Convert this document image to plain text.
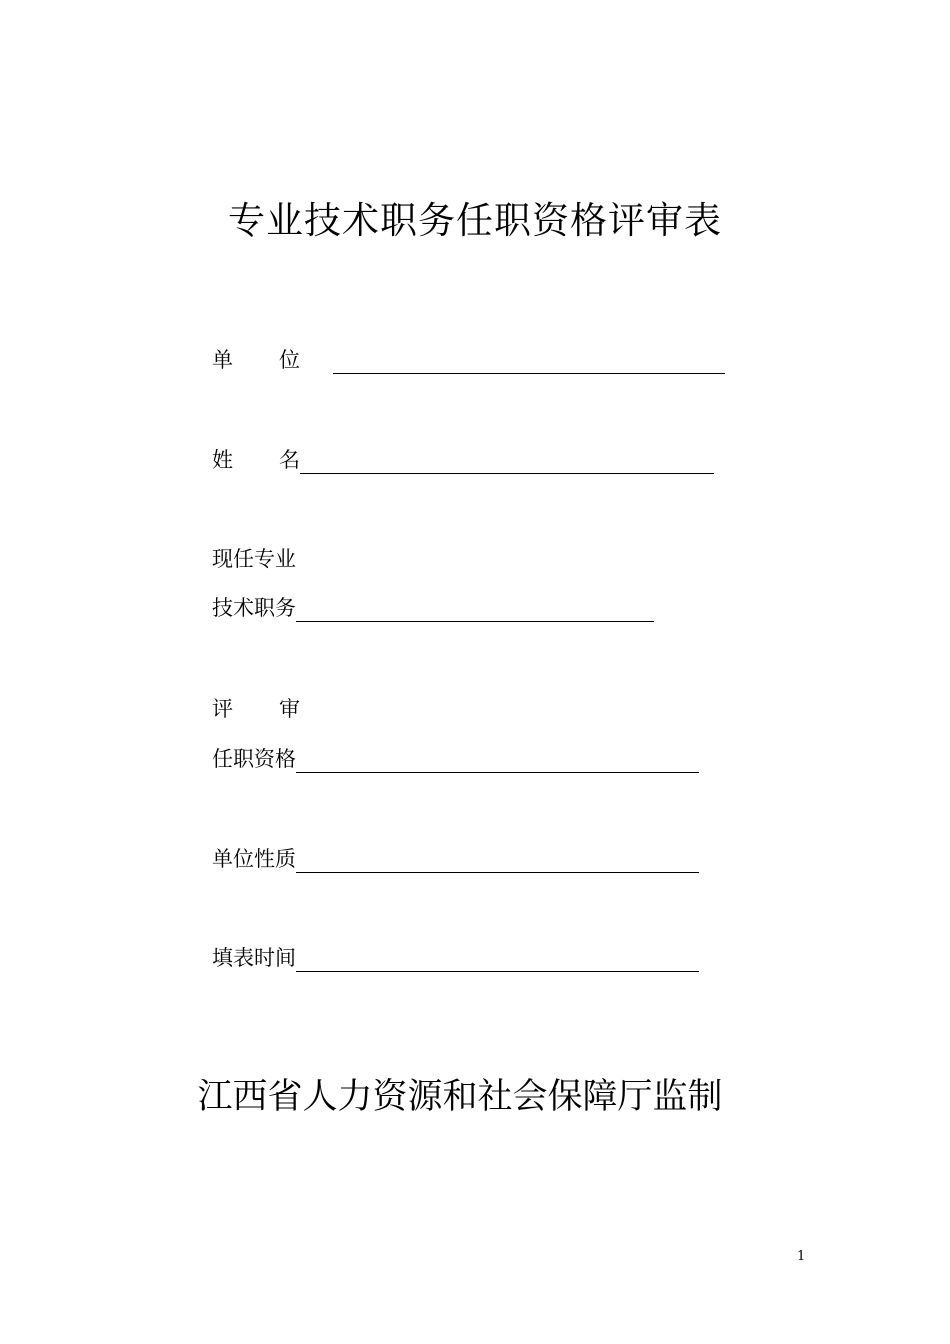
专业技术职务任职资格评审表
单 位
姓 名
现任专业
技术职务
评 审
任职资格
单位性质
填表时间
江西省人力资源和社会保障厅监制
1
